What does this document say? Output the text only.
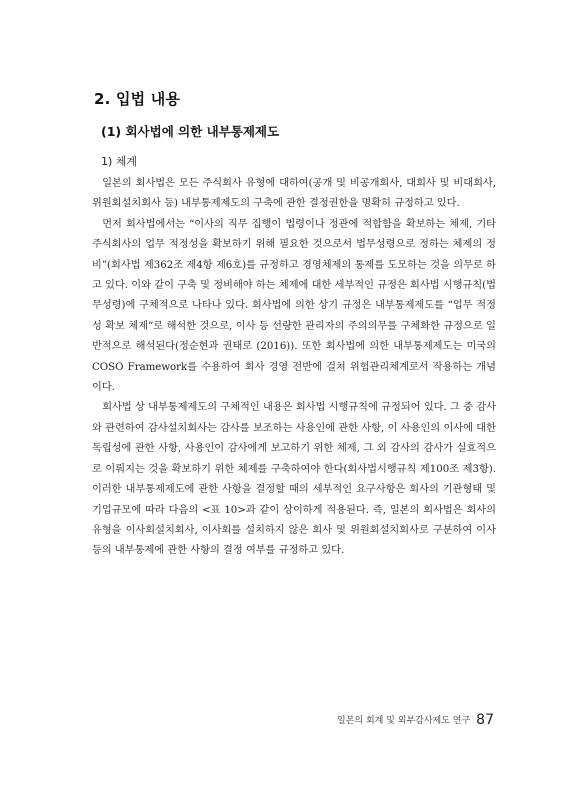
2. 입법 내용
(1) 회사법에 의한 내부통제제도
1) 체계

일본의 회사법은 모든 주식회사 유형에 대하여(공개 및 비공개회사, 대회사 및 비대회사, 위원회설치회사 등) 내부통제제도의 구축에 관한 결정권한을 명확히 규정하고 있다.

먼저 회사법에서는 “이사의 직무 집행이 법령이나 정관에 적합함을 확보하는 체제, 기타 주식회사의 업무 적정성을 확보하기 위해 필요한 것으로서 법무성령으로 정하는 체제의 정비”(회사법 제362조 제4항 제6호)를 규정하고 경영체제의 통제를 도모하는 것을 의무로 하고 있다. 이와 같이 구축 및 정비해야 하는 체제에 대한 세부적인 규정은 회사법 시행규칙(법무성령)에 구체적으로 나타나 있다. 회사법에 의한 상기 규정은 내부통제제도를 “업무 적정성 확보 체제”로 해석한 것으로, 이사 등 선량한 관리자의 주의의무를 구체화한 규정으로 일반적으로 해석된다(정순현과 권태로 (2016)). 또한 회사법에 의한 내부통제제도는 미국의 COSO Framework를 수용하여 회사 경영 전반에 걸쳐 위험관리체계로서 작용하는 개념이다.

회사법 상 내부통제제도의 구체적인 내용은 회사법 시행규칙에 규정되어 있다. 그 중 감사와 관련하여 감사설치회사는 감사를 보조하는 사용인에 관한 사항, 이 사용인의 이사에 대한 독립성에 관한 사항, 사용인이 감사에게 보고하기 위한 체제, 그 외 감사의 감사가 실효적으로 이뤄지는 것을 확보하기 위한 체제를 구축하여야 한다(회사법시행규칙 제100조 제3항). 이러한 내부통제제도에 관한 사항을 결정할 때의 세부적인 요구사항은 회사의 기관형태 및 기업규모에 따라 다음의 <표 10>과 같이 상이하게 적용된다. 즉, 일본의 회사법은 회사의 유형을 이사회설치회사, 이사회를 설치하지 않은 회사 및 위원회설치회사로 구분하여 이사 등의 내부통제에 관한 사항의 결정 여부를 규정하고 있다.

일본의 회계 및 외부감사제도 연구 87
